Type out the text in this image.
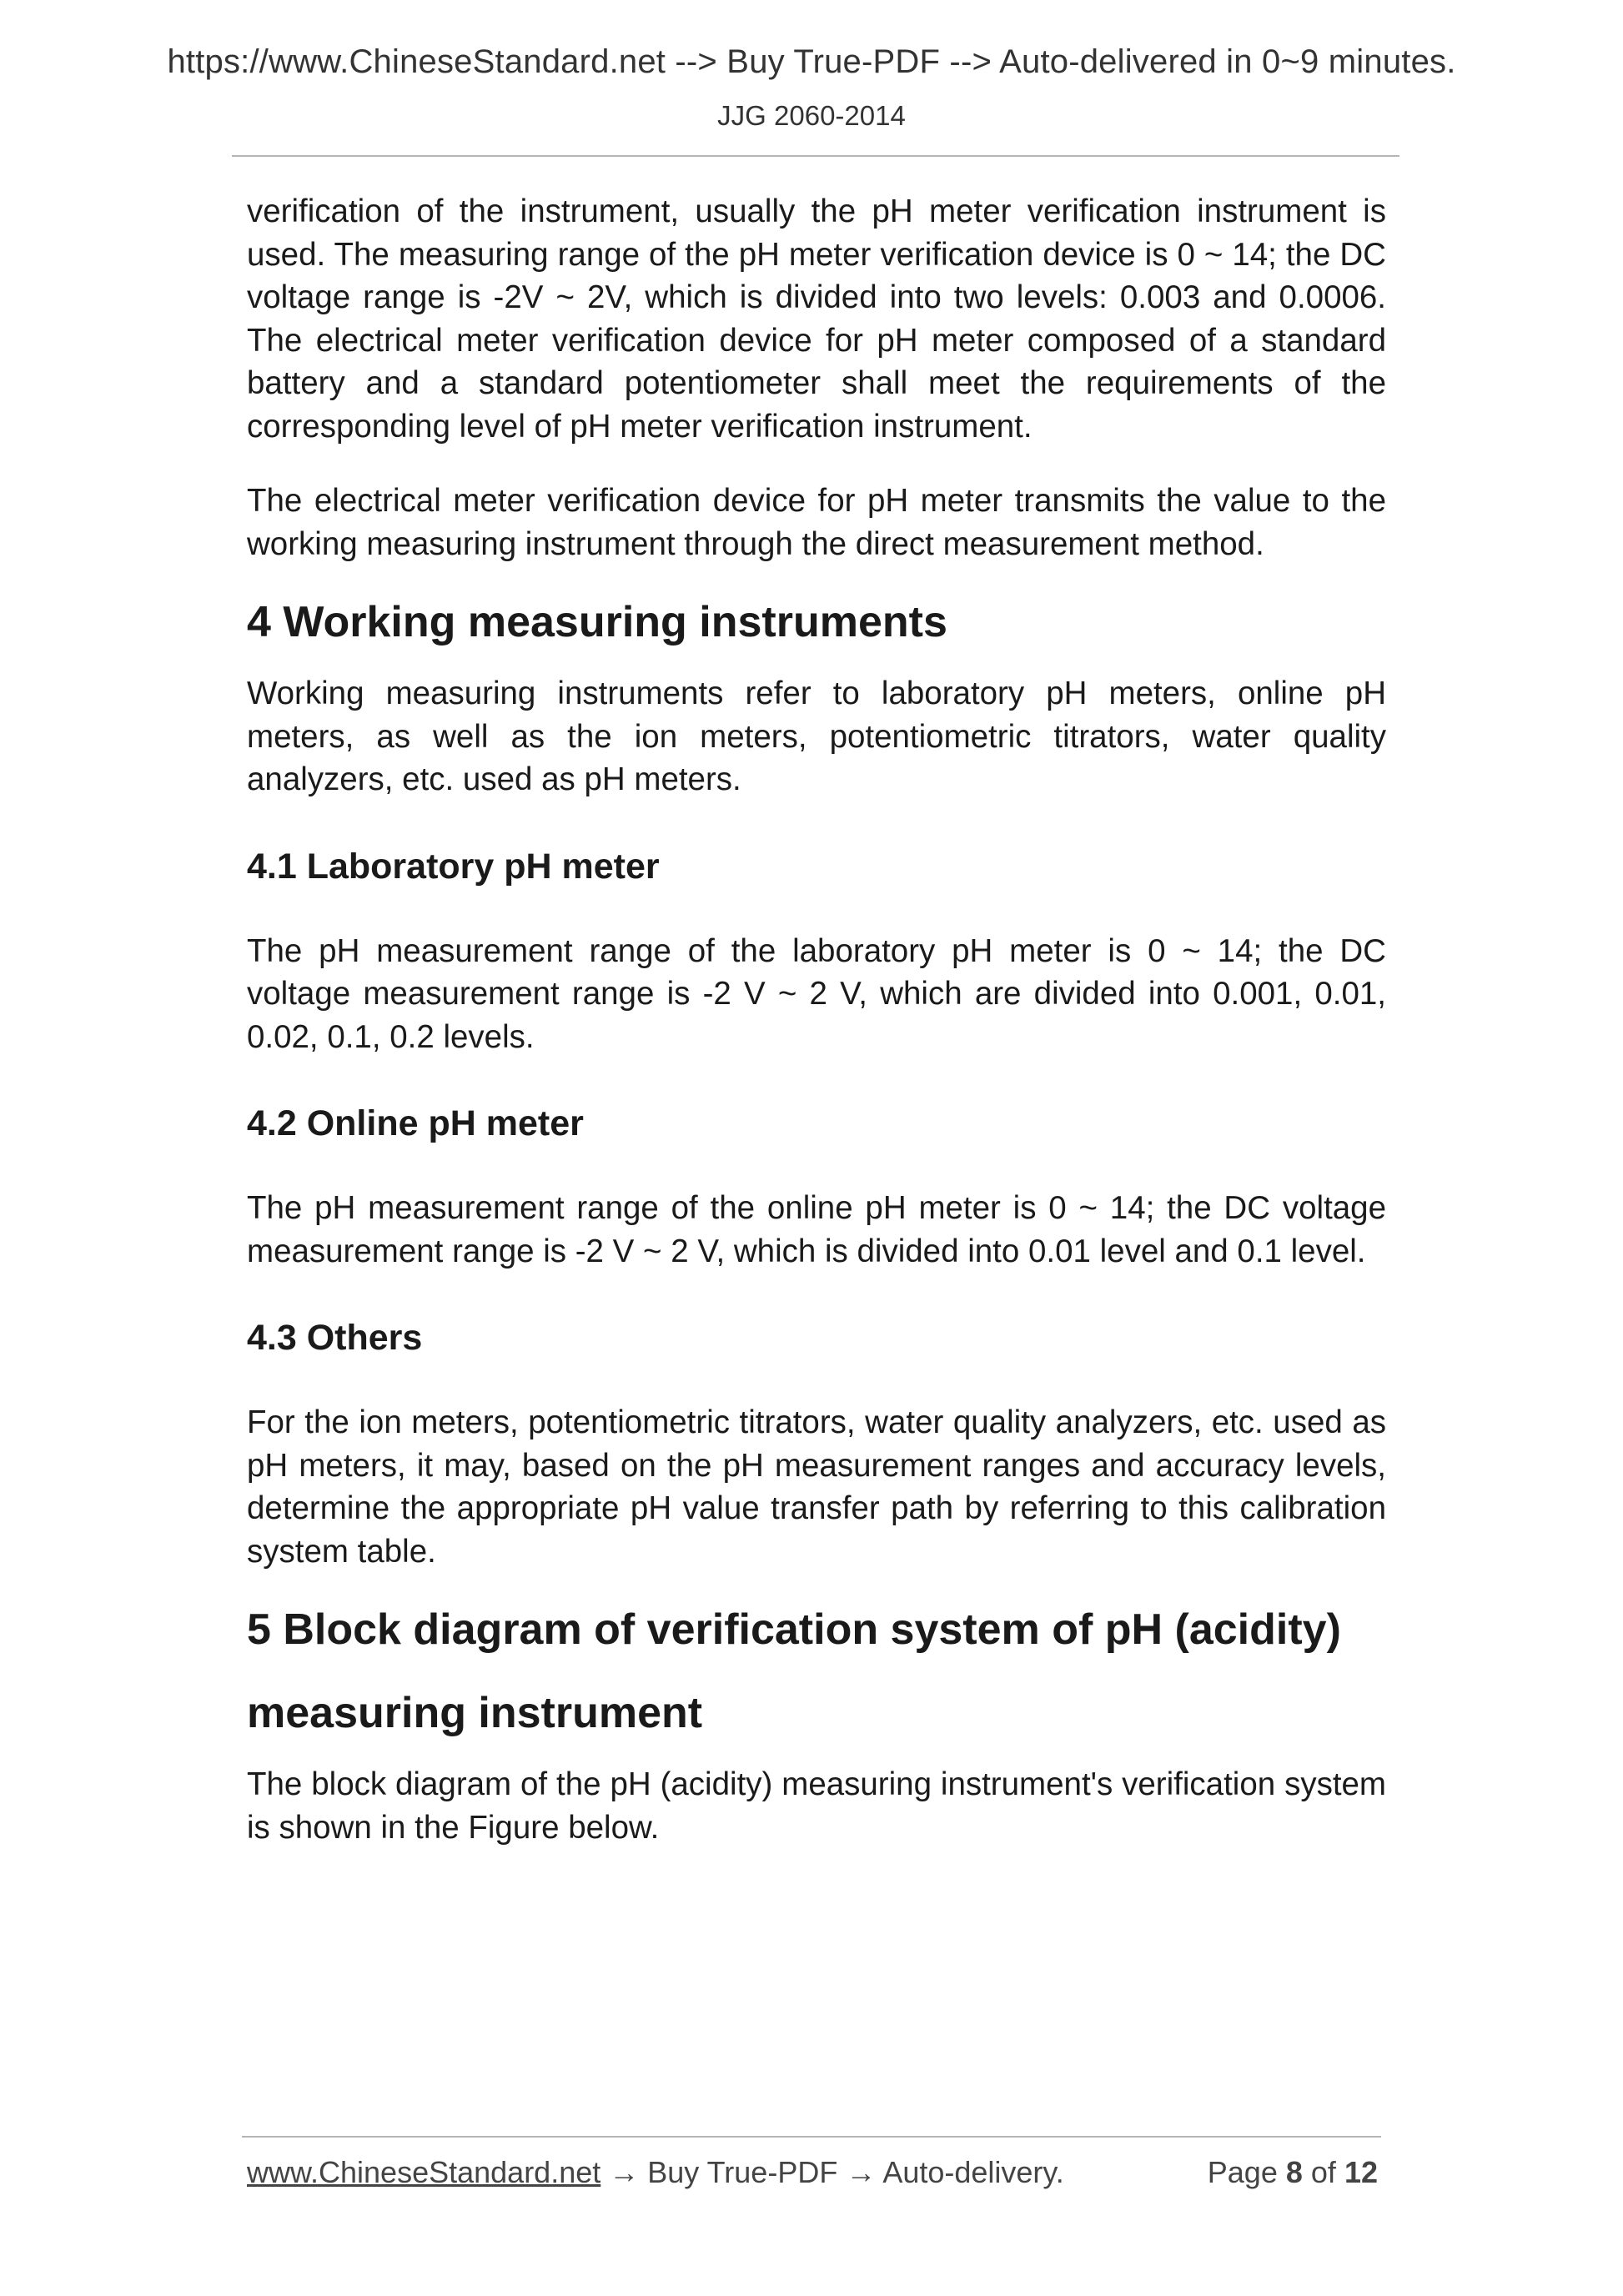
https://www.ChineseStandard.net --> Buy True-PDF --> Auto-delivered in 0~9 minutes.
JJG 2060-2014

verification of the instrument, usually the pH meter verification instrument is used. The measuring range of the pH meter verification device is 0 ~ 14; the DC voltage range is -2V ~ 2V, which is divided into two levels: 0.003 and 0.0006. The electrical meter verification device for pH meter composed of a standard battery and a standard potentiometer shall meet the requirements of the corresponding level of pH meter verification instrument.

The electrical meter verification device for pH meter transmits the value to the working measuring instrument through the direct measurement method.

4 Working measuring instruments

Working measuring instruments refer to laboratory pH meters, online pH meters, as well as the ion meters, potentiometric titrators, water quality analyzers, etc. used as pH meters.

4.1 Laboratory pH meter

The pH measurement range of the laboratory pH meter is 0 ~ 14; the DC voltage measurement range is -2 V ~ 2 V, which are divided into 0.001, 0.01, 0.02, 0.1, 0.2 levels.

4.2 Online pH meter

The pH measurement range of the online pH meter is 0 ~ 14; the DC voltage measurement range is -2 V ~ 2 V, which is divided into 0.01 level and 0.1 level.

4.3 Others

For the ion meters, potentiometric titrators, water quality analyzers, etc. used as pH meters, it may, based on the pH measurement ranges and accuracy levels, determine the appropriate pH value transfer path by referring to this calibration system table.

5 Block diagram of verification system of pH (acidity)
measuring instrument

The block diagram of the pH (acidity) measuring instrument's verification system is shown in the Figure below.

www.ChineseStandard.net → Buy True-PDF → Auto-delivery.	Page 8 of 12
